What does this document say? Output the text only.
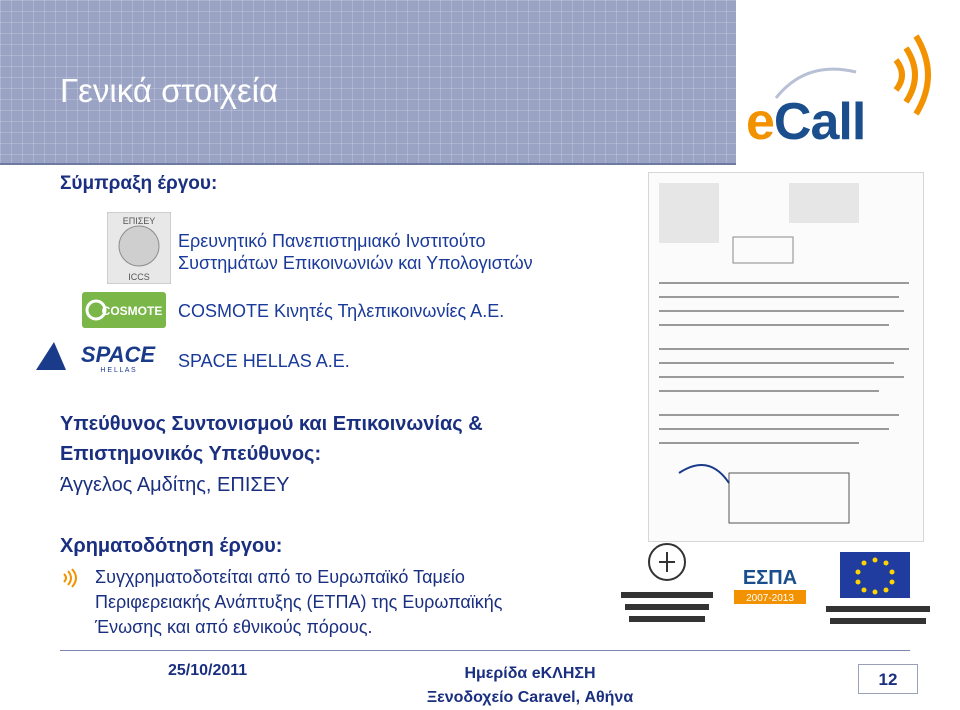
Γενικά στοιχεία
eCall
Σύμπραξη έργου:
ΕΠΙΣΕΥ
ICCS
Ερευνητικό Πανεπιστημιακό Ινστιτούτο
Συστημάτων Επικοινωνιών και Υπολογιστών
COSMOTE COSMOTE Κινητές Τηλεπικοινωνίες Α.Ε.
SPACE
H E L L A S SPACE HELLAS A.E.
Υπεύθυνος Συντονισμού και Επικοινωνίας &
Επιστημονικός Υπεύθυνος:
Άγγελος Αμδίτης, ΕΠΙΣΕΥ
Χρηματοδότηση έργου:
Συγχρηματοδοτείται από το Ευρωπαϊκό Ταμείο
Περιφερειακής Ανάπτυξης (ΕΤΠΑ) της Ευρωπαϊκής
Ένωσης και από εθνικούς πόρους.
ΕΣΠΑ
2007-2013
25/10/2011	Ημερίδα eΚΛΗΣΗ
Ξενοδοχείο Caravel, Αθήνα
12
